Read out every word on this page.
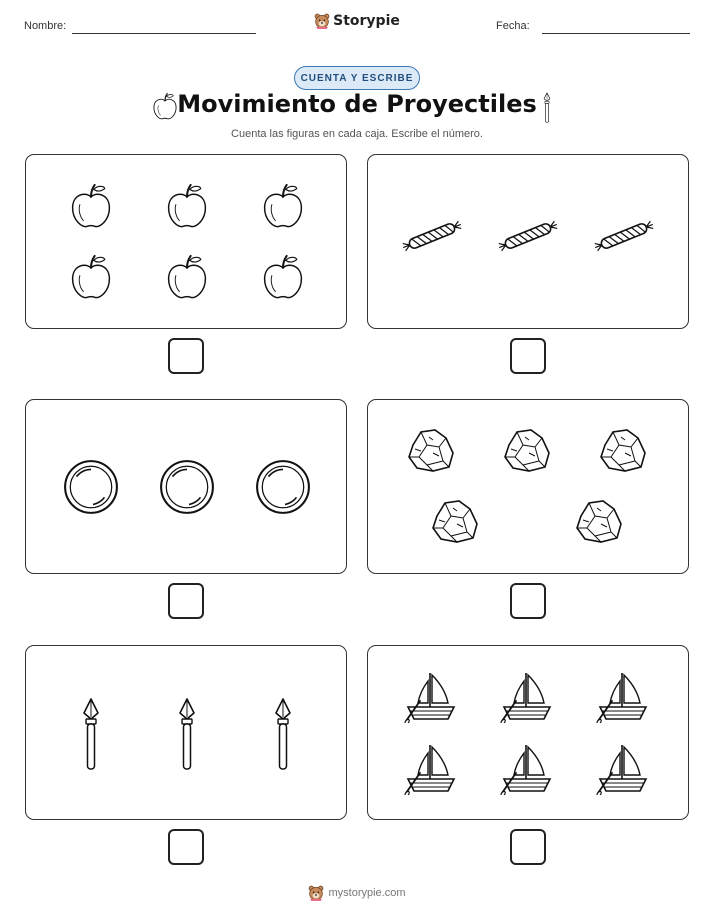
Nombre:	Storypie	Fecha:
CUENTA Y ESCRIBE
Movimiento de Proyectiles
Cuenta las figuras en cada caja. Escribe el número.
mystorypie.com
